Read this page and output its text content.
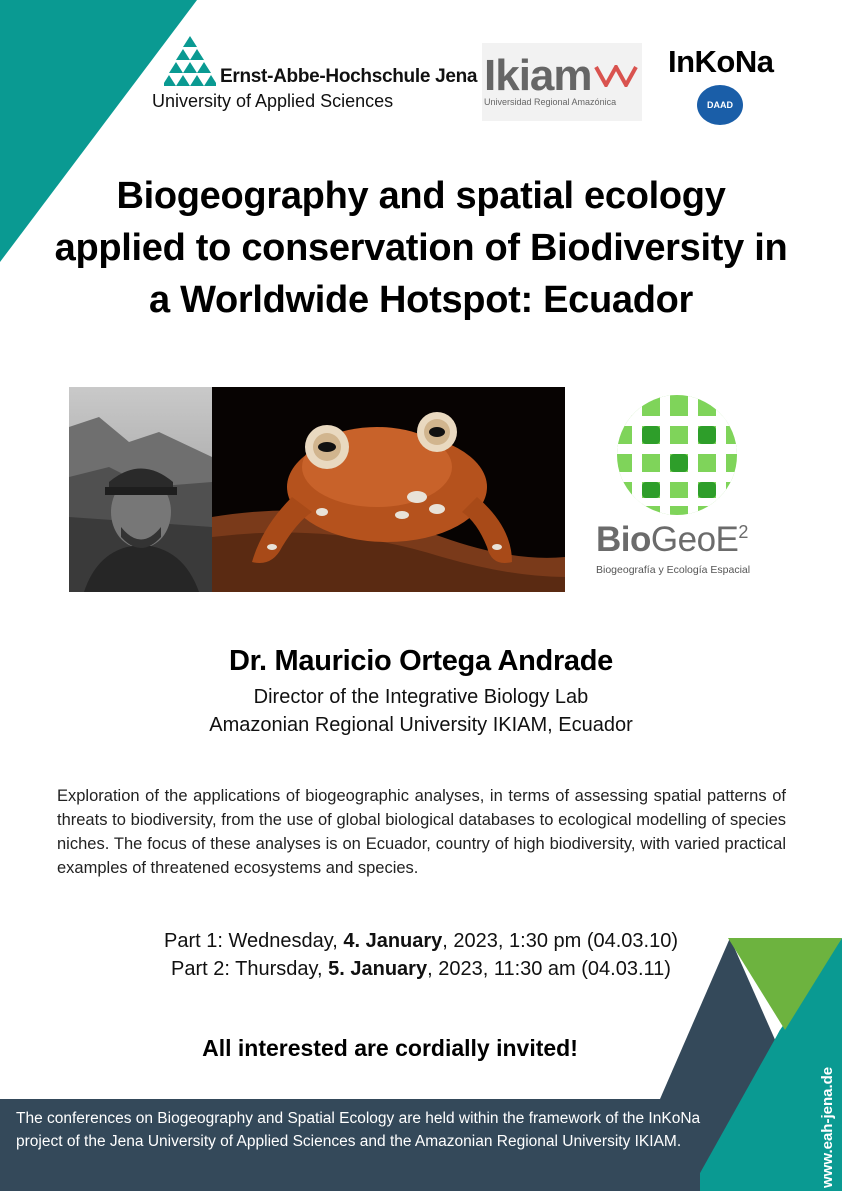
Ernst-Abbe-Hochschule Jena
University of Applied Sciences
Ikiam
Universidad Regional Amazónica
InKoNa
DAAD
Biogeography and spatial ecology
applied to conservation of Biodiversity in
a Worldwide Hotspot: Ecuador
BioGeoE$^2$
Biogeografía y Ecología Espacial
Dr. Mauricio Ortega Andrade
Director of the Integrative Biology Lab
Amazonian Regional University IKIAM, Ecuador
Exploration of the applications of biogeographic analyses, in terms of assessing spatial patterns of threats to biodiversity, from the use of global biological databases to ecological modelling of species niches. The focus of these analyses is on Ecuador, country of high biodiversity, with varied practical examples of threatened ecosystems and species.
Part 1: Wednesday, 4. January, 2023, 1:30 pm (04.03.10)
Part 2: Thursday, 5. January, 2023, 11:30 am (04.03.11)
All interested are cordially invited!
The conferences on Biogeography and Spatial Ecology are held within the framework of the InKoNa project of the Jena University of Applied Sciences and the Amazonian Regional University IKIAM.	www.eah-jena.de
